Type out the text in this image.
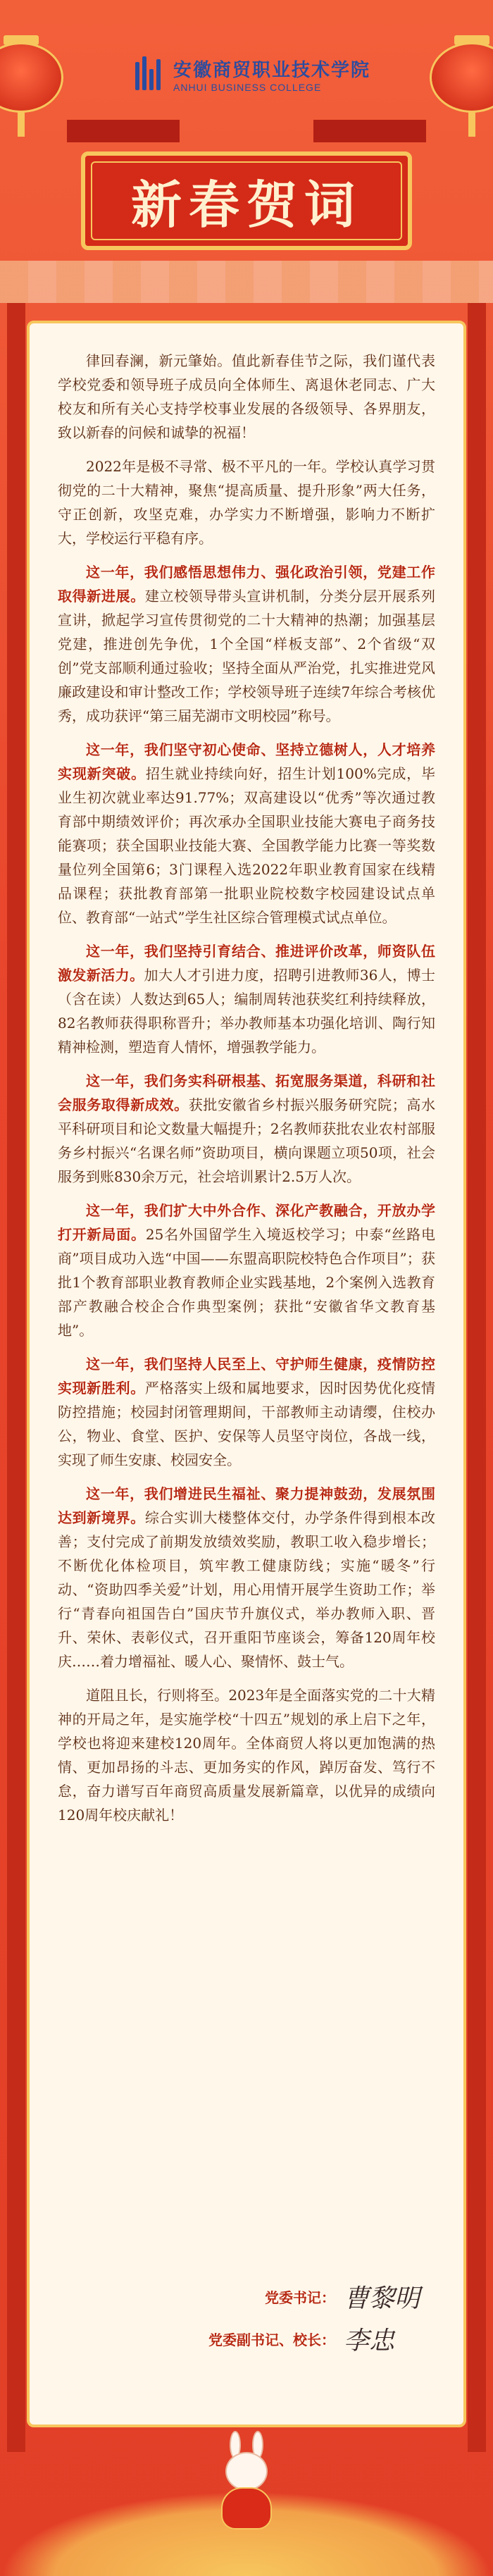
安徽商贸职业技术学院
ANHUI BUSINESS COLLEGE
新春贺词

律回春澜，新元肇始。值此新春佳节之际，我们谨代表学校党委和领导班子成员向全体师生、离退休老同志、广大校友和所有关心支持学校事业发展的各级领导、各界朋友，致以新春的问候和诚挚的祝福！

2022年是极不寻常、极不平凡的一年。学校认真学习贯彻党的二十大精神，聚焦“提高质量、提升形象”两大任务，守正创新，攻坚克难，办学实力不断增强，影响力不断扩大，学校运行平稳有序。

这一年，我们感悟思想伟力、强化政治引领，党建工作取得新进展。建立校领导带头宣讲机制，分类分层开展系列宣讲，掀起学习宣传贯彻党的二十大精神的热潮；加强基层党建，推进创先争优，1个全国“样板支部”、2个省级“双创”党支部顺利通过验收；坚持全面从严治党，扎实推进党风廉政建设和审计整改工作；学校领导班子连续7年综合考核优秀，成功获评“第三届芜湖市文明校园”称号。

这一年，我们坚守初心使命、坚持立德树人，人才培养实现新突破。招生就业持续向好，招生计划100%完成，毕业生初次就业率达91.77%；双高建设以“优秀”等次通过教育部中期绩效评价；再次承办全国职业技能大赛电子商务技能赛项；获全国职业技能大赛、全国教学能力比赛一等奖数量位列全国第6；3门课程入选2022年职业教育国家在线精品课程；获批教育部第一批职业院校数字校园建设试点单位、教育部“一站式”学生社区综合管理模式试点单位。

这一年，我们坚持引育结合、推进评价改革，师资队伍激发新活力。加大人才引进力度，招聘引进教师36人，博士（含在读）人数达到65人；编制周转池获奖红利持续释放，82名教师获得职称晋升；举办教师基本功强化培训、陶行知精神检测，塑造育人情怀，增强教学能力。

这一年，我们务实科研根基、拓宽服务渠道，科研和社会服务取得新成效。获批安徽省乡村振兴服务研究院；高水平科研项目和论文数量大幅提升；2名教师获批农业农村部服务乡村振兴“名课名师”资助项目，横向课题立项50项，社会服务到账830余万元，社会培训累计2.5万人次。

这一年，我们扩大中外合作、深化产教融合，开放办学打开新局面。25名外国留学生入境返校学习；中泰“丝路电商”项目成功入选“中国——东盟高职院校特色合作项目”；获批1个教育部职业教育教师企业实践基地，2个案例入选教育部产教融合校企合作典型案例；获批“安徽省华文教育基地”。

这一年，我们坚持人民至上、守护师生健康，疫情防控实现新胜利。严格落实上级和属地要求，因时因势优化疫情防控措施；校园封闭管理期间，干部教师主动请缨，住校办公，物业、食堂、医护、安保等人员坚守岗位，各战一线，实现了师生安康、校园安全。

这一年，我们增进民生福祉、聚力提神鼓劲，发展氛围达到新境界。综合实训大楼整体交付，办学条件得到根本改善；支付完成了前期发放绩效奖励，教职工收入稳步增长；不断优化体检项目，筑牢教工健康防线；实施“暖冬”行动、“资助四季关爱”计划，用心用情开展学生资助工作；举行“青春向祖国告白”国庆节升旗仪式，举办教师入职、晋升、荣休、表彰仪式，召开重阳节座谈会，筹备120周年校庆……着力增福祉、暖人心、聚情怀、鼓士气。

道阻且长，行则将至。2023年是全面落实党的二十大精神的开局之年，是实施学校“十四五”规划的承上启下之年，学校也将迎来建校120周年。全体商贸人将以更加饱满的热情、更加昂扬的斗志、更加务实的作风，踔厉奋发、笃行不怠，奋力谱写百年商贸高质量发展新篇章，以优异的成绩向120周年校庆献礼！

党委书记： 曹黎明
党委副书记、校长： 李忠
